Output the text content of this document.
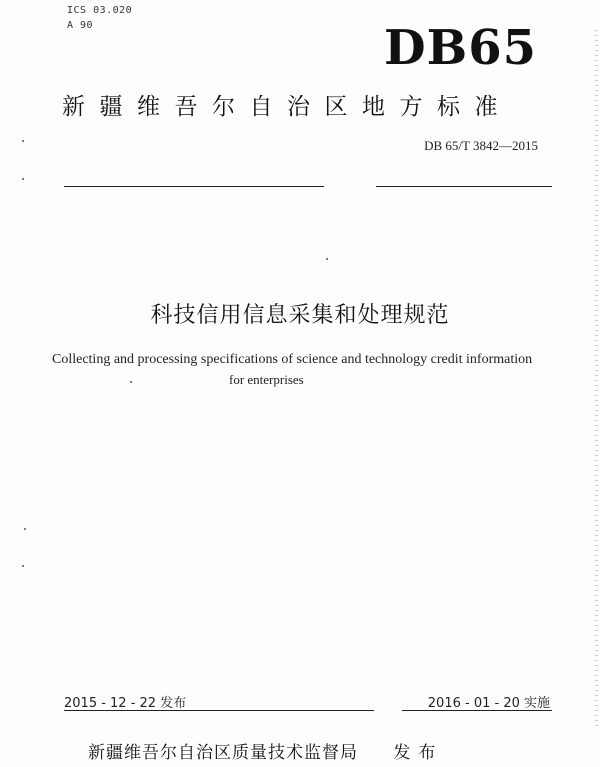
ICS 03.020
A 90	DB65
新疆维吾尔自治区地方标准
DB 65/T 3842—2015
科技信用信息采集和处理规范
Collecting and processing specifications of science and technology credit information
for enterprises
2015 - 12 - 22 发布	2016 - 01 - 20 实施
新疆维吾尔自治区质量技术监督局 发布
